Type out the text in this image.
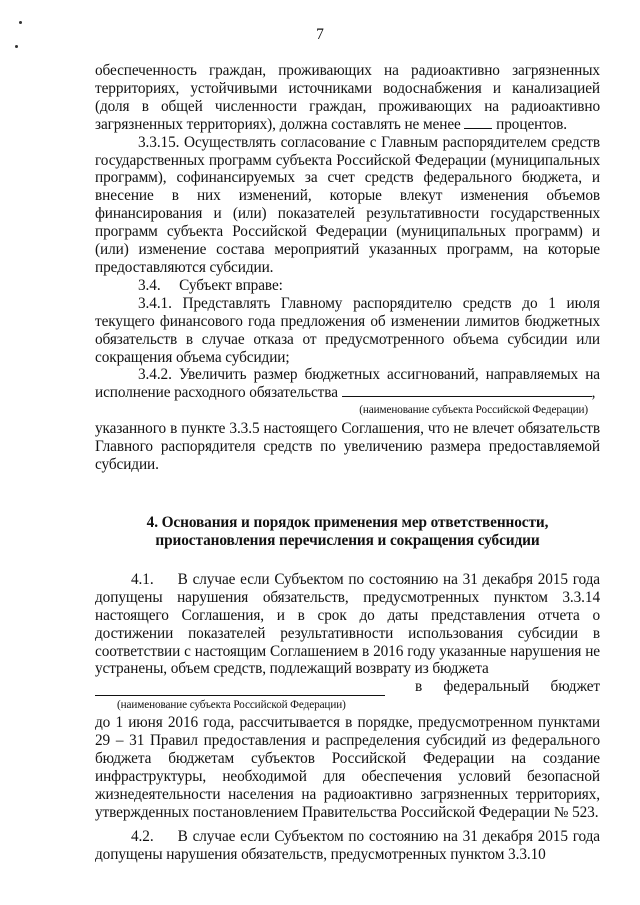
7

обеспеченность граждан, проживающих на радиоактивно загрязненных территориях, устойчивыми источниками водоснабжения и канализацией (доля в общей численности граждан, проживающих на радиоактивно загрязненных территориях), должна составлять не менее процентов.

3.3.15. Осуществлять согласование с Главным распорядителем средств государственных программ субъекта Российской Федерации (муниципальных программ), софинансируемых за счет средств федерального бюджета, и внесение в них изменений, которые влекут изменения объемов финансирования и (или) показателей результативности государственных программ субъекта Российской Федерации (муниципальных программ) и (или) изменение состава мероприятий указанных программ, на которые предоставляются субсидии.

3.4.     Субъект вправе:

3.4.1. Представлять Главному распорядителю средств до 1 июля текущего финансового года предложения об изменении лимитов бюджетных обязательств в случае отказа от предусмотренного объема субсидии или сокращения объема субсидии;

3.4.2. Увеличить размер бюджетных ассигнований, направляемых на исполнение расходного обязательства	,

(наименование субъекта Российской Федерации)

указанного в пункте 3.3.5 настоящего Соглашения, что не влечет обязательств Главного распорядителя средств по увеличению размера предоставляемой субсидии.

4. Основания и порядок применения мер ответственности, приостановления перечисления и сокращения субсидии

4.1.     В случае если Субъектом по состоянию на 31 декабря 2015 года допущены нарушения обязательств, предусмотренных пунктом 3.3.14 настоящего Соглашения, и в срок до даты представления отчета о достижении показателей результативности использования субсидии в соответствии с настоящим Соглашением в 2016 году указанные нарушения не устранены, объем средств, подлежащий возврату из бюджета

в федеральный бюджет
(наименование субъекта Российской Федерации)

до 1 июня 2016 года, рассчитывается в порядке, предусмотренном пунктами 29 – 31 Правил предоставления и распределения субсидий из федерального бюджета бюджетам субъектов Российской Федерации на создание инфраструктуры, необходимой для обеспечения условий безопасной жизнедеятельности населения на радиоактивно загрязненных территориях, утвержденных постановлением Правительства Российской Федерации № 523.

4.2.     В случае если Субъектом по состоянию на 31 декабря 2015 года допущены нарушения обязательств, предусмотренных пунктом 3.3.10
